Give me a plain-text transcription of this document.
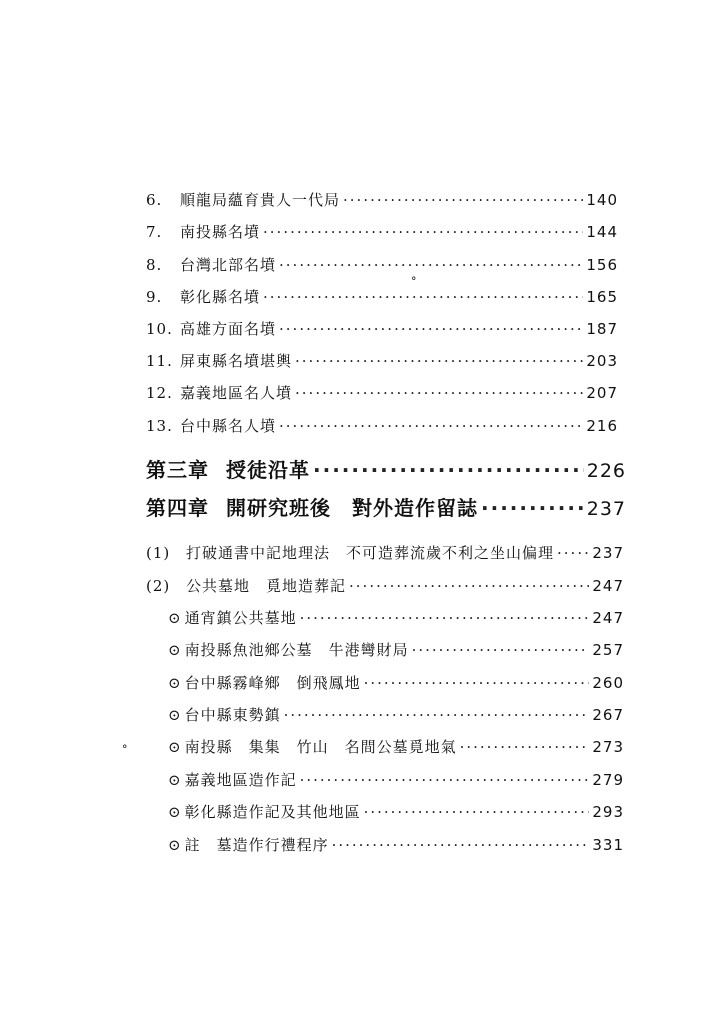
6.	順龍局蘊育貴人一代局 ·····	140
7.	南投縣名墳 ·····	144
8.	台灣北部名墳 ·····	156
9.	彰化縣名墳 ·····	165
10. 高雄方面名墳 ·····	187
11. 屏東縣名墳堪輿 ·····	203
12. 嘉義地區名人墳 ·····	207
13. 台中縣名人墳 ·····	216
°
第三章 授徒沿革 ·····	226
第四章 開研究班後　對外造作留誌 ·····	237
(1)	打破通書中記地理法　不可造葬流歲不利之坐山偏理 ·····	237
(2)	公共墓地　覓地造葬記 ·····	247
⊙ 通宵鎮公共墓地 ·····	247
⊙ 南投縣魚池鄉公墓　牛港彎財局 ·····	257
⊙ 台中縣霧峰鄉　倒飛鳳地 ·····	260
⊙ 台中縣東勢鎮 ·····	267
⊙ 南投縣　集集　竹山　名間公墓覓地氣 ·····	273
⊙ 嘉義地區造作記 ·····	279
⊙ 彰化縣造作記及其他地區 ·····	293
⊙ 註　墓造作行禮程序 ·····	331
°
